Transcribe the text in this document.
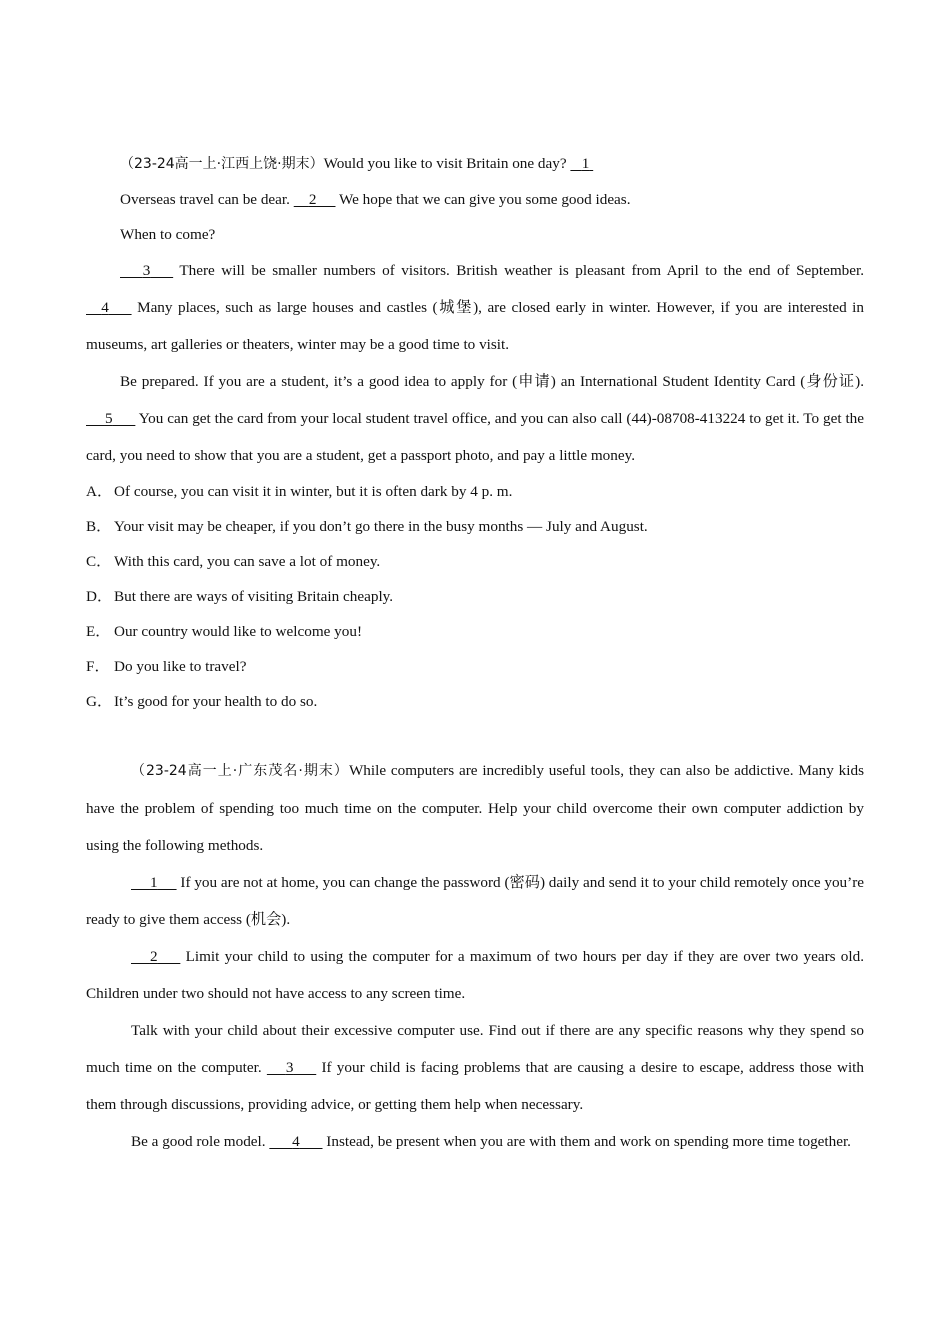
（23-24高一上·江西上饶·期末）Would you like to visit Britain one day? 1

Overseas travel can be dear. 2 We hope that we can give you some good ideas.

When to come?

3 There will be smaller numbers of visitors. British weather is pleasant from April to the end of September.     4 Many places, such as large houses and castles (城堡), are closed early in winter. However, if you are interested in museums, art galleries or theaters, winter may be a good time to visit.

Be prepared. If you are a student, it’s a good idea to apply for (申请) an International Student Identity Card (身份证).      5 You can get the card from your local student travel office, and you can also call (44)-08708-413224 to get it. To get the card, you need to show that you are a student, get a passport photo, and pay a little money.

A． Of course, you can visit it in winter, but it is often dark by 4 p. m.

B． Your visit may be cheaper, if you don’t go there in the busy months — July and August.

C． With this card, you can save a lot of money.

D． But there are ways of visiting Britain cheaply.

E． Our country would like to welcome you!

F． Do you like to travel?

G． It’s good for your health to do so.

（23-24高一上·广东茂名·期末）While computers are incredibly useful tools, they can also be addictive. Many kids have the problem of spending too much time on the computer. Help your child overcome their own computer addiction by using the following methods.

1 If you are not at home, you can change the password (密码) daily and send it to your child remotely once you’re ready to give them access (机会).

2 Limit your child to using the computer for a maximum of two hours per day if they are over two years old. Children under two should not have access to any screen time.

Talk with your child about their excessive computer use. Find out if there are any specific reasons why they spend so much time on the computer. 3 If your child is facing problems that are causing a desire to escape, address those with them through discussions, providing advice, or getting them help when necessary.

Be a good role model. 4 Instead, be present when you are with them and work on spending more time together.
